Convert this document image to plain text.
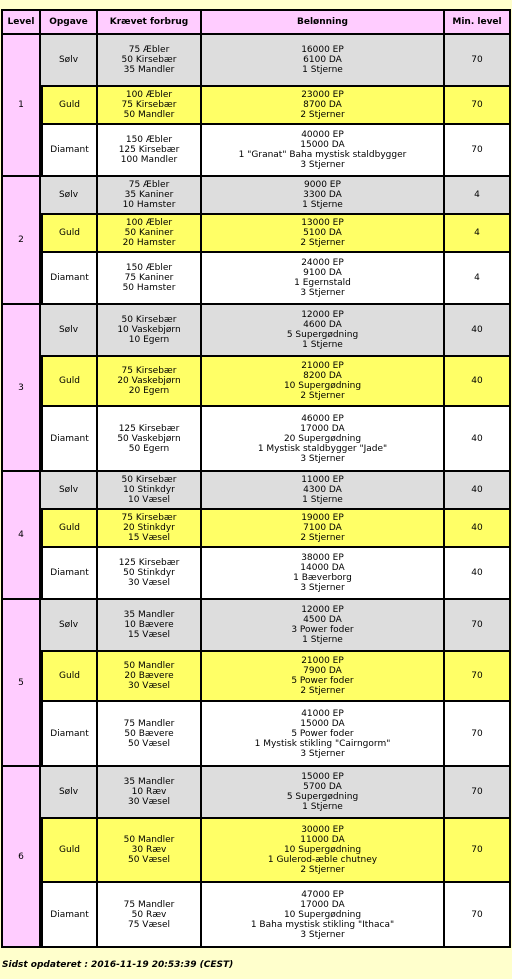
Level	Opgave	Krævet forbrug	Belønning	Min. level
1	Sølv	75 Æbler
50 Kirsebær
35 Mandler	16000 EP
6100 DA
1 Stjerne	70
	Guld	100 Æbler
75 Kirsebær
50 Mandler	23000 EP
8700 DA
2 Stjerner	70
	Diamant	150 Æbler
125 Kirsebær
100 Mandler	40000 EP
15000 DA
1 "Granat" Baha mystisk staldbygger
3 Stjerner	70
2	Sølv	75 Æbler
35 Kaniner
10 Hamster	9000 EP
3300 DA
1 Stjerne	4
	Guld	100 Æbler
50 Kaniner
20 Hamster	13000 EP
5100 DA
2 Stjerner	4
	Diamant	150 Æbler
75 Kaniner
50 Hamster	24000 EP
9100 DA
1 Egernstald
3 Stjerner	4
3	Sølv	50 Kirsebær
10 Vaskebjørn
10 Egern	12000 EP
4600 DA
5 Supergødning
1 Stjerne	40
	Guld	75 Kirsebær
20 Vaskebjørn
20 Egern	21000 EP
8200 DA
10 Supergødning
2 Stjerner	40
	Diamant	125 Kirsebær
50 Vaskebjørn
50 Egern	46000 EP
17000 DA
20 Supergødning
1 Mystisk staldbygger "Jade"
3 Stjerner	40
4	Sølv	50 Kirsebær
10 Stinkdyr
10 Væsel	11000 EP
4300 DA
1 Stjerne	40
	Guld	75 Kirsebær
20 Stinkdyr
15 Væsel	19000 EP
7100 DA
2 Stjerner	40
	Diamant	125 Kirsebær
50 Stinkdyr
30 Væsel	38000 EP
14000 DA
1 Bæverborg
3 Stjerner	40
5	Sølv	35 Mandler
10 Bævere
15 Væsel	12000 EP
4500 DA
3 Power foder
1 Stjerne	70
	Guld	50 Mandler
20 Bævere
30 Væsel	21000 EP
7900 DA
5 Power foder
2 Stjerner	70
	Diamant	75 Mandler
50 Bævere
50 Væsel	41000 EP
15000 DA
5 Power foder
1 Mystisk stikling "Cairngorm"
3 Stjerner	70
6	Sølv	35 Mandler
10 Ræv
30 Væsel	15000 EP
5700 DA
5 Supergødning
1 Stjerne	70
	Guld	50 Mandler
30 Ræv
50 Væsel	30000 EP
11000 DA
10 Supergødning
1 Gulerod-æble chutney
2 Stjerner	70
	Diamant	75 Mandler
50 Ræv
75 Væsel	47000 EP
17000 DA
10 Supergødning
1 Baha mystisk stikling "Ithaca"
3 Stjerner	70
Sidst opdateret : 2016-11-19 20:53:39 (CEST)
